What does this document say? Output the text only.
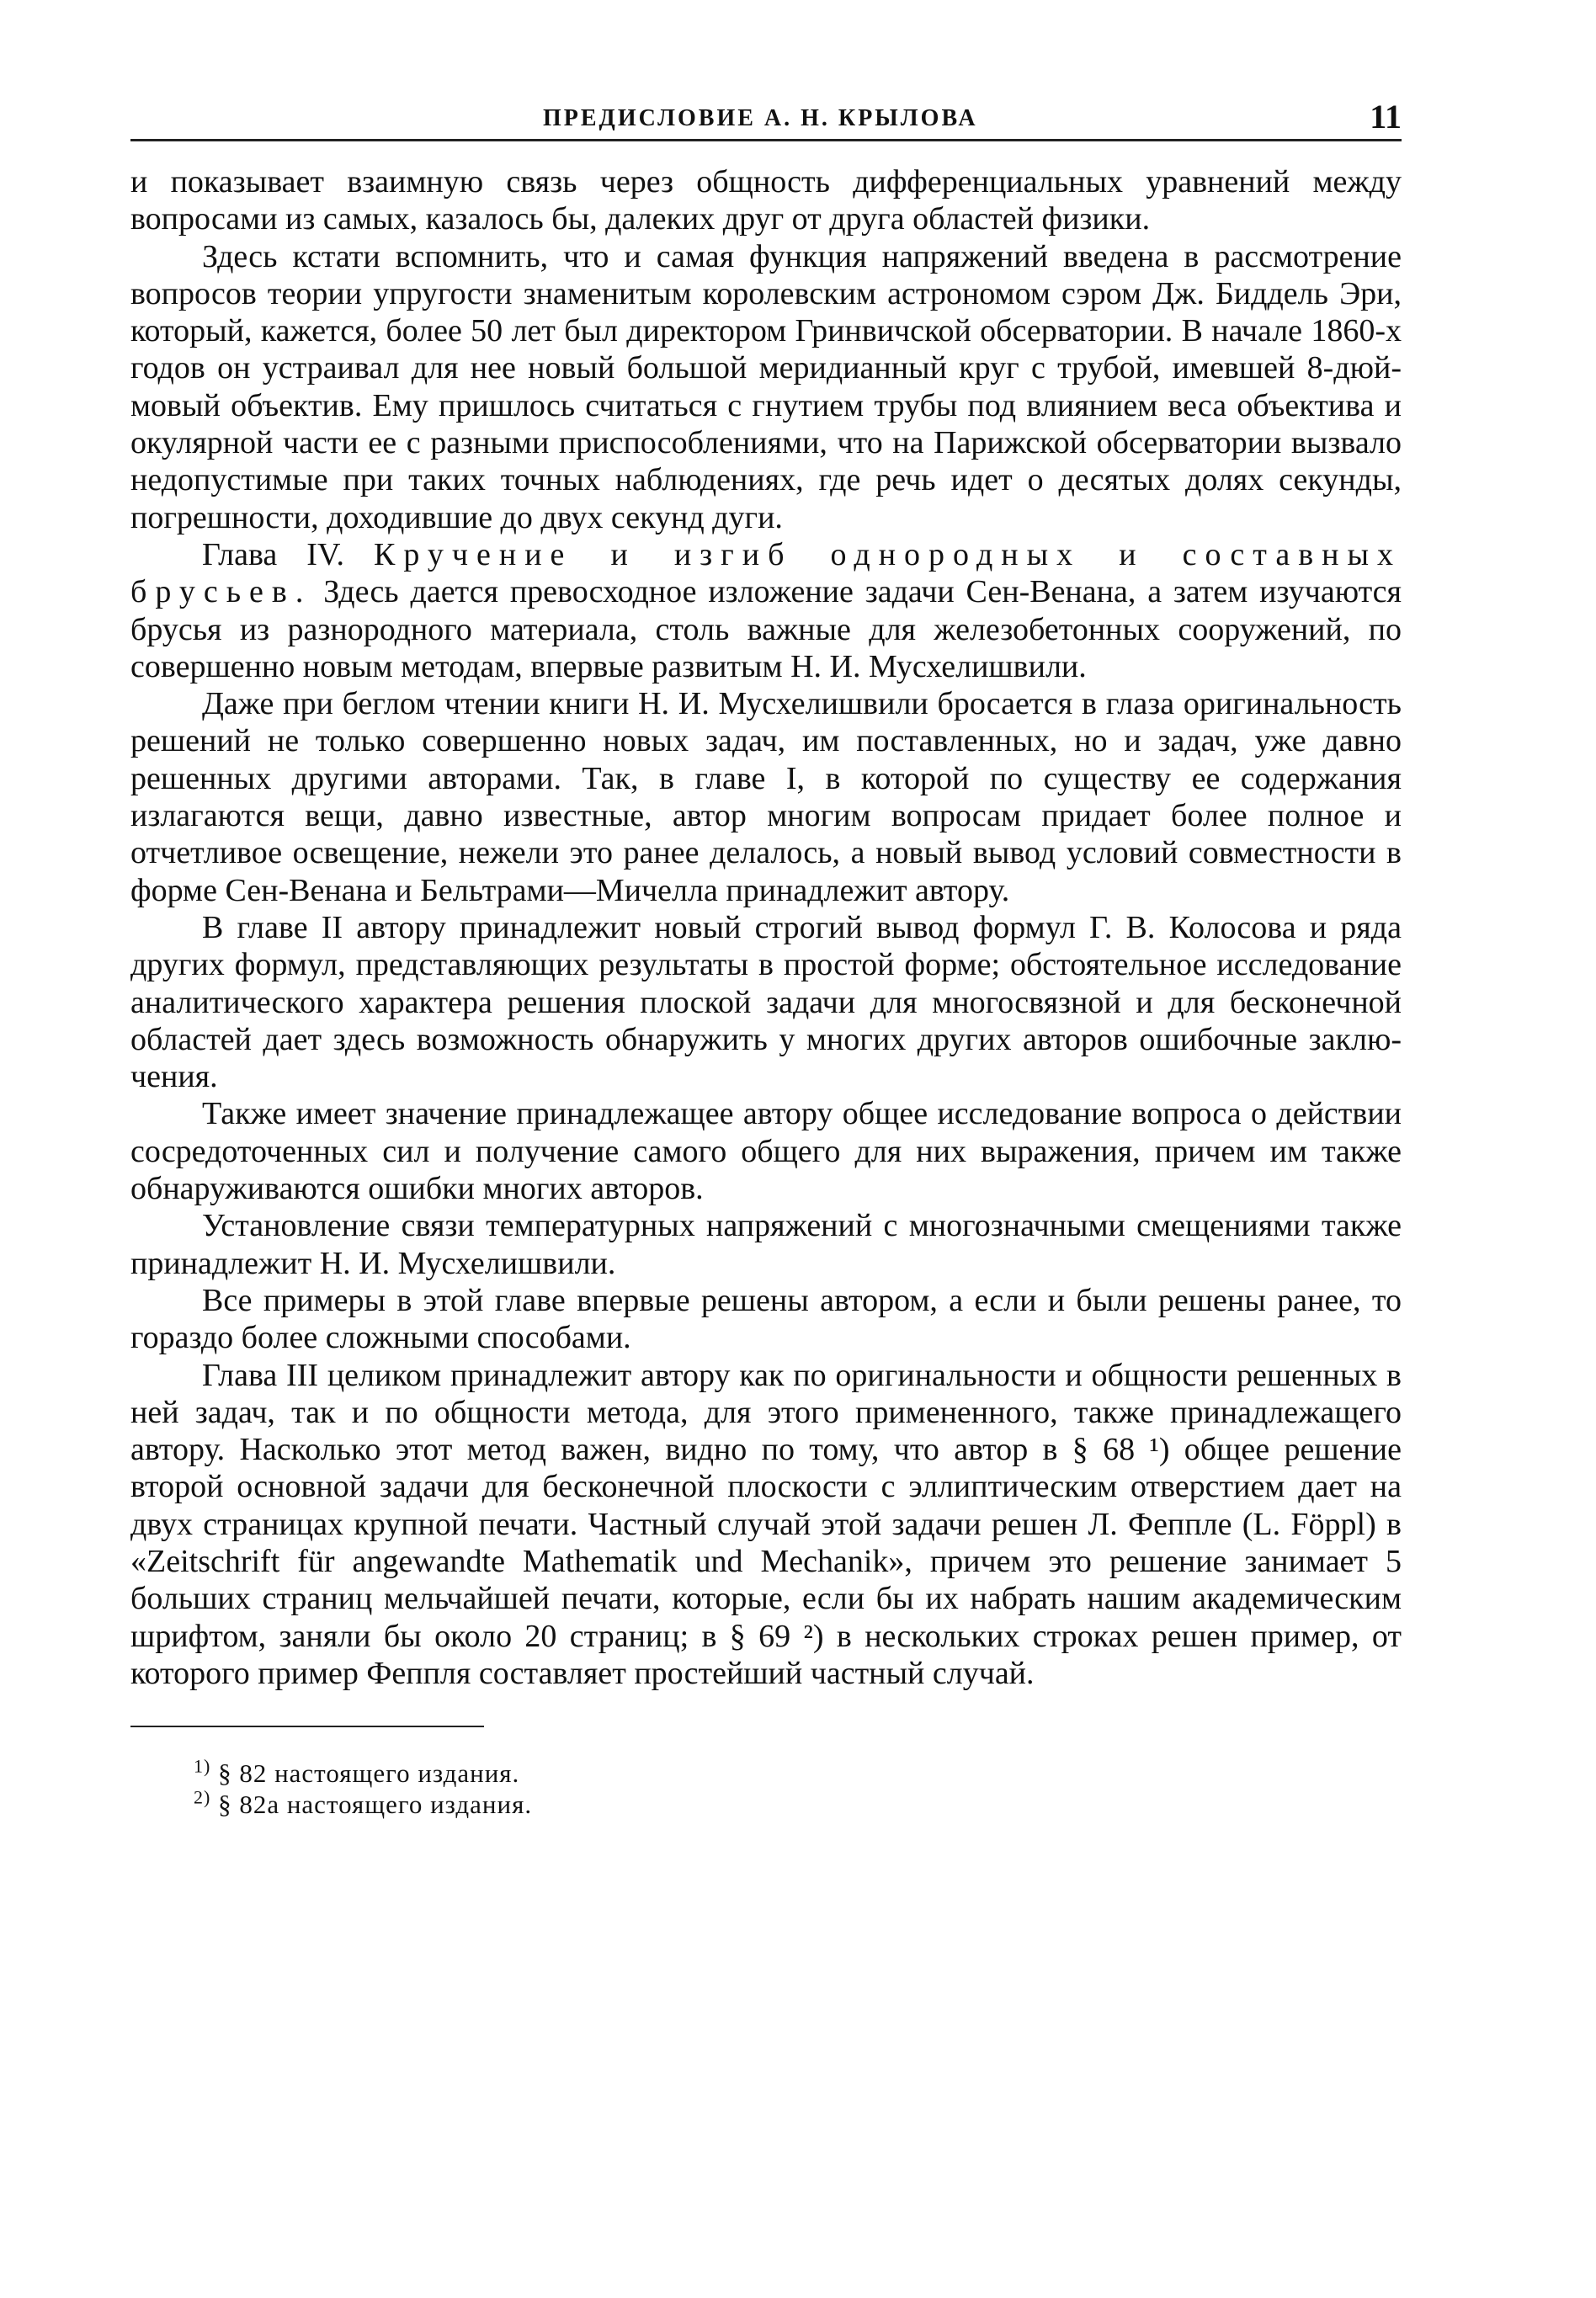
ПРЕДИСЛОВИЕ А. Н. КРЫЛОВА	11

и показывает взаимную связь через общность дифференциальных уравнений между вопросами из самых, казалось бы, далеких друг от друга областей физики.

Здесь кстати вспомнить, что и самая функция напряжений введена в рассмотрение вопросов теории упругости знаменитым королевским астрономом сэром Дж. Биддель Эри, который, кажется, более 50 лет был директором Гринвичской обсерватории. В начале 1860-х годов он устраивал для нее новый большой меридианный круг с трубой, имевшей 8-дюймовый объектив. Ему пришлось считаться с гнутием трубы под влиянием веса объектива и окулярной части ее с разными приспособлениями, что на Парижской обсерватории вызвало недопустимые при таких точных наблюдениях, где речь идет о десятых долях секунды, погрешности, доходившие до двух секунд дуги.

Глава IV. Кручение и изгиб однородных и составных брусьев. Здесь дается превосходное изложение задачи Сен-Венана, а затем изучаются брусья из разнородного материала, столь важные для железобетонных сооружений, по совершенно новым методам, впервые развитым Н. И. Мусхелишвили.

Даже при беглом чтении книги Н. И. Мусхелишвили бросается в глаза оригинальность решений не только совершенно новых задач, им поставленных, но и задач, уже давно решенных другими авторами. Так, в главе I, в которой по существу ее содержания излагаются вещи, давно известные, автор многим вопросам придает более полное и отчетливое освещение, нежели это ранее делалось, а новый вывод условий совместности в форме Сен-Венана и Бельтрами—Мичелла принадлежит автору.

В главе II автору принадлежит новый строгий вывод формул Г. В. Колосова и ряда других формул, представляющих результаты в простой форме; обстоятельное исследование аналитического характера решения плоской задачи для многосвязной и для бесконечной областей дает здесь возможность обнаружить у многих других авторов ошибочные заключения.

Также имеет значение принадлежащее автору общее исследование вопроса о действии сосредоточенных сил и получение самого общего для них выражения, причем им также обнаруживаются ошибки многих авторов.

Установление связи температурных напряжений с многозначными смещениями также принадлежит Н. И. Мусхелишвили.

Все примеры в этой главе впервые решены автором, а если и были решены ранее, то гораздо более сложными способами.

Глава III целиком принадлежит автору как по оригинальности и общности решенных в ней задач, так и по общности метода, для этого примененного, также принадлежащего автору. Насколько этот метод важен, видно по тому, что автор в § 68 ¹) общее решение второй основной задачи для бесконечной плоскости с эллиптическим отверстием дает на двух страницах крупной печати. Частный случай этой задачи решен Л. Феппле (L. Föppl) в «Zeitschrift für angewandte Mathematik und Mechanik», причем это решение занимает 5 больших страниц мельчайшей печати, которые, если бы их набрать нашим академическим шрифтом, заняли бы около 20 страниц; в § 69 ²) в нескольких строках решен пример, от которого пример Феппля составляет простейший частный случай.

$^{1)}$ § 82 настоящего издания.
$^{2)}$ § 82а настоящего издания.
